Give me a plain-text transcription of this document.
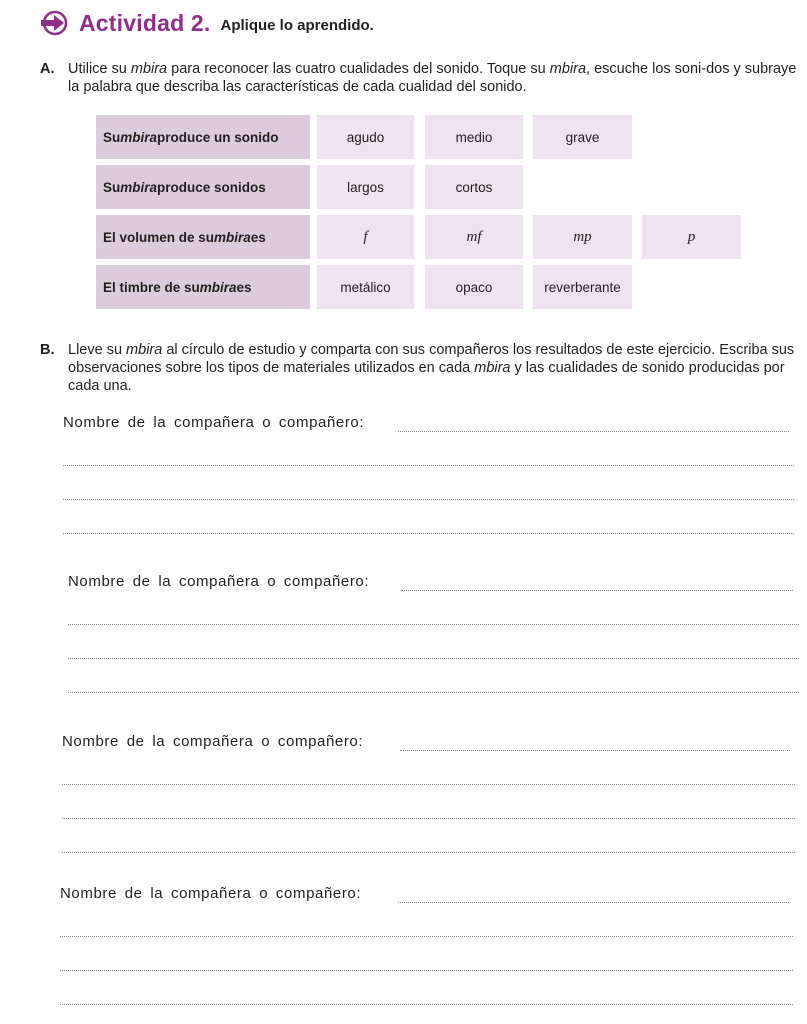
Actividad 2. Aplique lo aprendido.
A. Utilice su mbira para reconocer las cuatro cualidades del sonido. Toque su mbira, escuche los soni-dos y subraye la palabra que describa las características de cada cualidad del sonido.
Su mbira produce un sonido	agudo	medio	grave
Su mbira produce sonidos	largos	cortos
El volumen de su mbira es	f	mf	mp	p
El timbre de su mbira es	metálico	opaco	reverberante
B. Lleve su mbira al círculo de estudio y comparta con sus compañeros los resultados de este ejercicio. Escriba sus observaciones sobre los tipos de materiales utilizados en cada mbira y las cualidades de sonido producidas por cada una.
Nombre de la compañera o compañero:
Nombre de la compañera o compañero:
Nombre de la compañera o compañero:
Nombre de la compañera o compañero:
